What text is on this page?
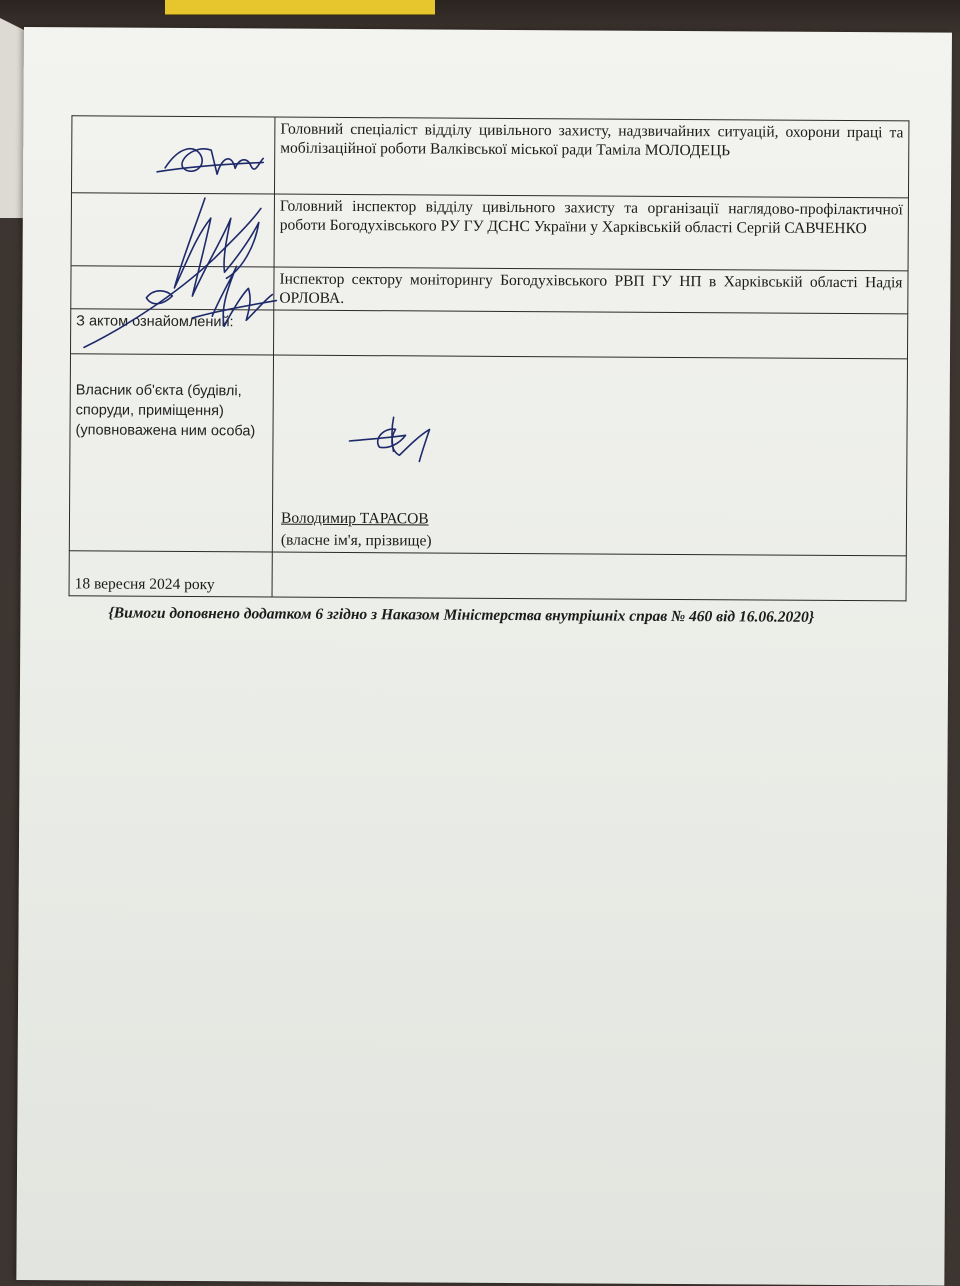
	Головний спеціаліст відділу цивільного захисту, надзвичайних ситуацій, охорони праці та мобілізаційної роботи Валківської міської ради Таміла МОЛОДЕЦЬ
	Головний інспектор відділу цивільного захисту та організації наглядово-профілактичної роботи Богодухівського РУ ГУ ДСНС України у Харківській області Сергій САВЧЕНКО
	Інспектор сектору моніторингу Богодухівського РВП ГУ НП в Харківській області Надія ОРЛОВА.
З актом ознайомлений:	
Власник об'єкта (будівлі, споруди, приміщення) (уповноважена ним особа)	Володимир ТАРАСОВ
(власне ім'я, прізвище)

18 вересня 2024 року	
{Вимоги доповнено додатком 6 згідно з Наказом Міністерства внутрішніх справ № 460 від 16.06.2020}
